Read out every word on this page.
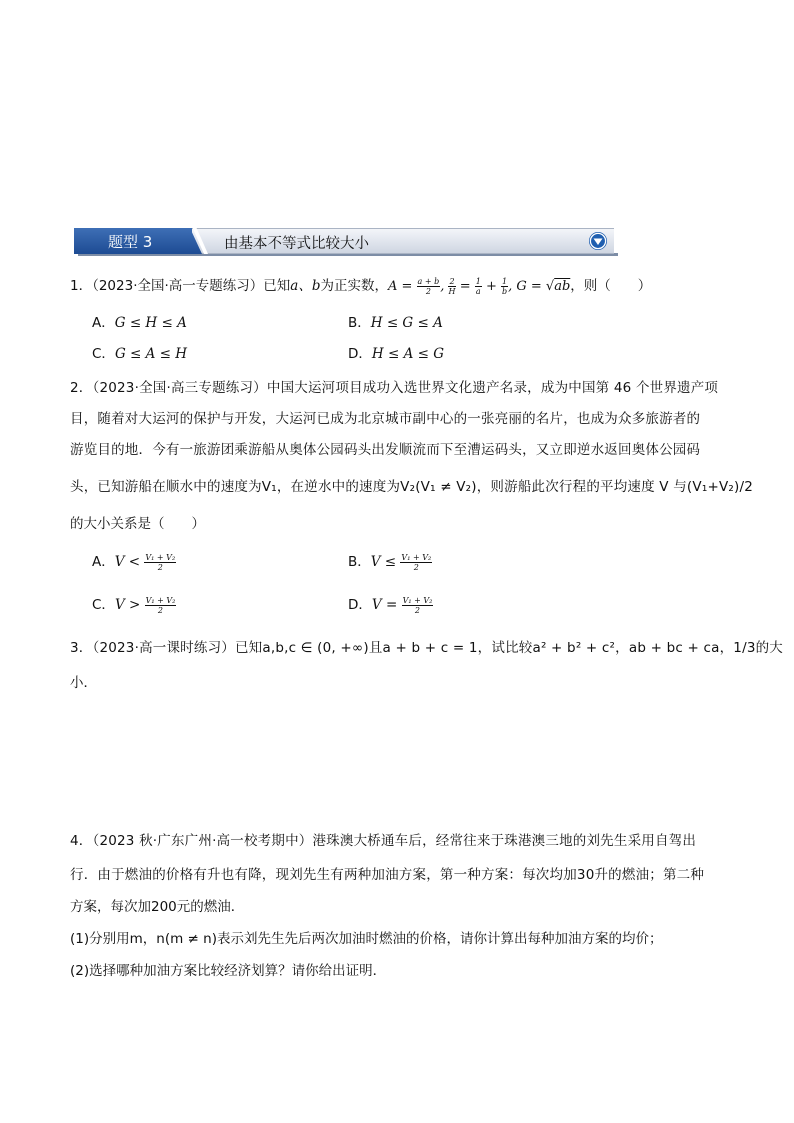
题型 3	由基本不等式比较大小
1．（2023·全国·高一专题练习）已知a、b为正实数，$A = \frac{a + b}{2}$ , $\frac{2}{H} = \frac{1}{a} + \frac{1}{b}$ , G = √ab，则（　　）
A．G ≤ H ≤ A	B．H ≤ G ≤ A
C．G ≤ A ≤ H	D．H ≤ A ≤ G
2．（2023·全国·高三专题练习）中国大运河项目成功入选世界文化遗产名录，成为中国第 46 个世界遗产项
目，随着对大运河的保护与开发，大运河已成为北京城市副中心的一张亮丽的名片，也成为众多旅游者的
游览目的地．今有一旅游团乘游船从奥体公园码头出发顺流而下至漕运码头，又立即逆水返回奥体公园码
头，已知游船在顺水中的速度为V₁，在逆水中的速度为V₂(V₁ ≠ V₂)，则游船此次行程的平均速度 V 与(V₁+V₂)/2
的大小关系是（　　）
A．$V < \frac{\text{V₁ + V₂}}{2}$	B．$V \le \frac{\text{V₁ + V₂}}{2}$
C．$V > \frac{\text{V₁ + V₂}}{2}$	D．$V = \frac{\text{V₁ + V₂}}{2}$
3．（2023·高一课时练习）已知a,b,c ∈ (0, +∞)且a + b + c = 1，试比较a² + b² + c²，ab + bc + ca，1/3的大
小．
4．（2023 秋·广东广州·高一校考期中）港珠澳大桥通车后，经常往来于珠港澳三地的刘先生采用自驾出
行．由于燃油的价格有升也有降，现刘先生有两种加油方案，第一种方案：每次均加30升的燃油；第二种
方案，每次加200元的燃油．
(1)分别用m，n(m ≠ n)表示刘先生先后两次加油时燃油的价格，请你计算出每种加油方案的均价；
(2)选择哪种加油方案比较经济划算？请你给出证明．
